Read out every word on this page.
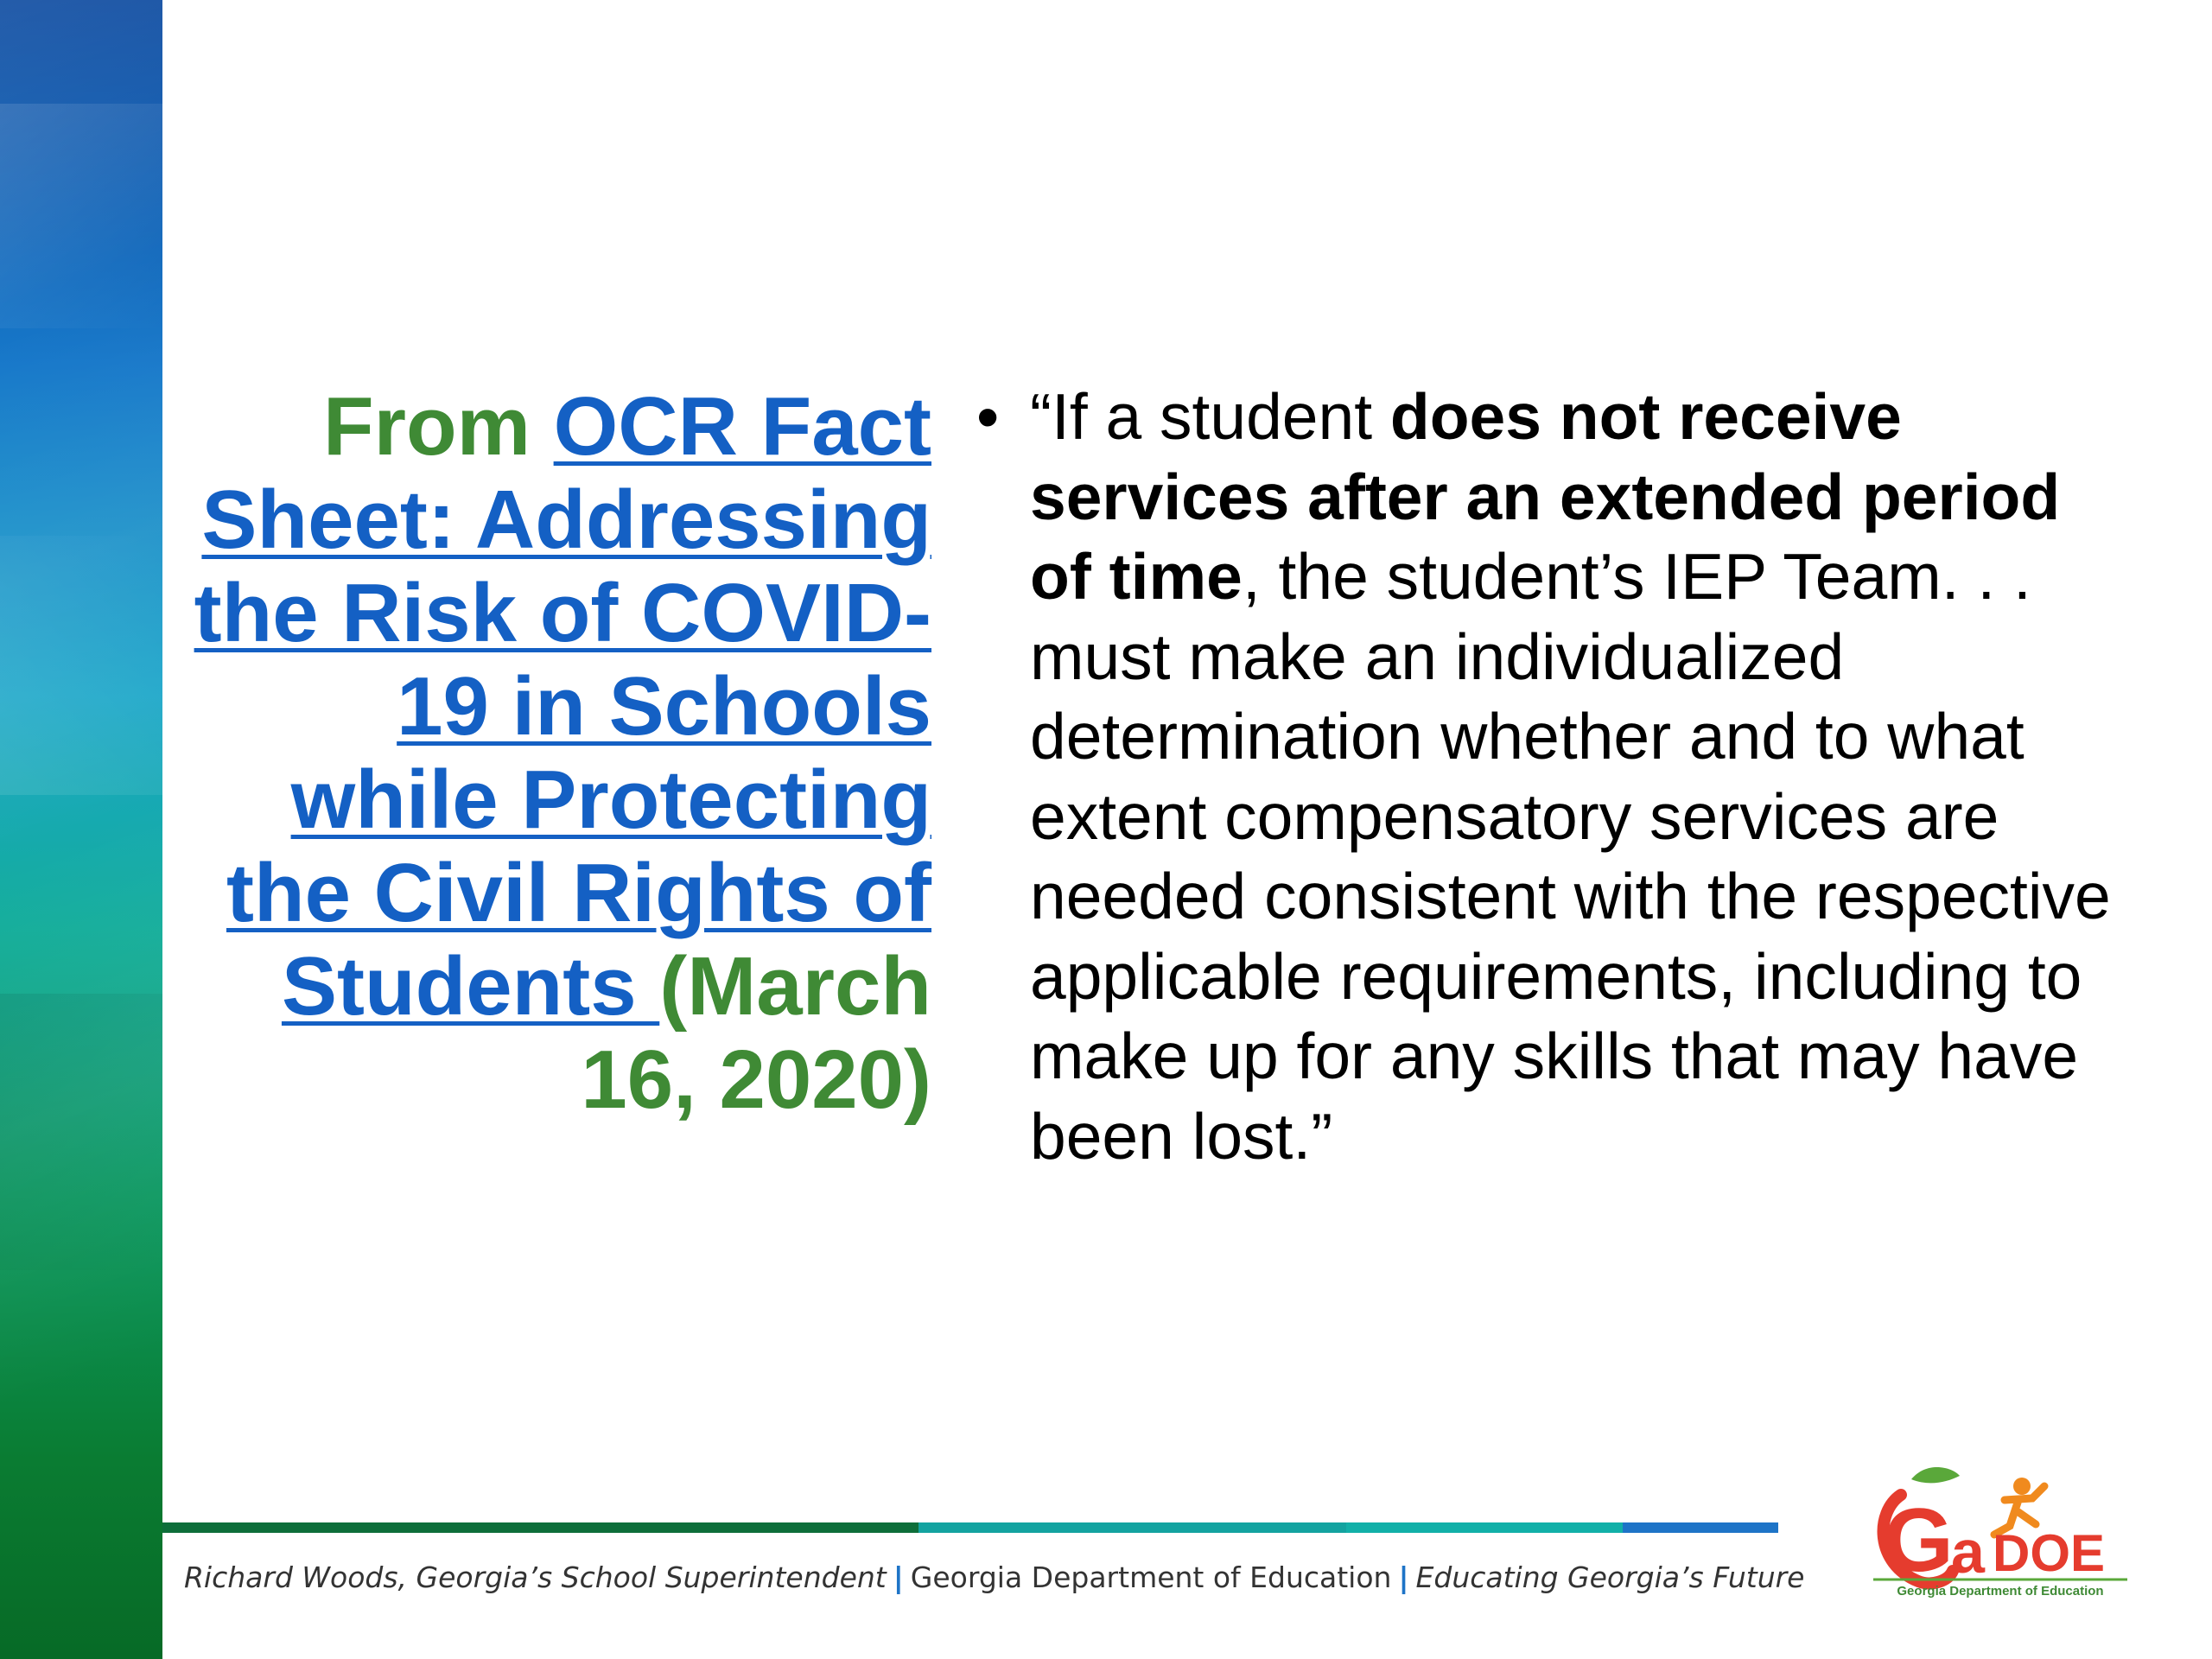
From OCR Fact Sheet: Addressing the Risk of COVID-19 in Schools while Protecting the Civil Rights of Students (March 16, 2020)
• “If a student does not receive services after an extended period of time, the student’s IEP Team. . . must make an individualized determination whether and to what extent compensatory services are needed consistent with the respective applicable requirements, including to make up for any skills that may have been lost.”
Richard Woods, Georgia’s School Superintendent | Georgia Department of Education | Educating Georgia’s Future G
a DOE
Georgia Department of Education
